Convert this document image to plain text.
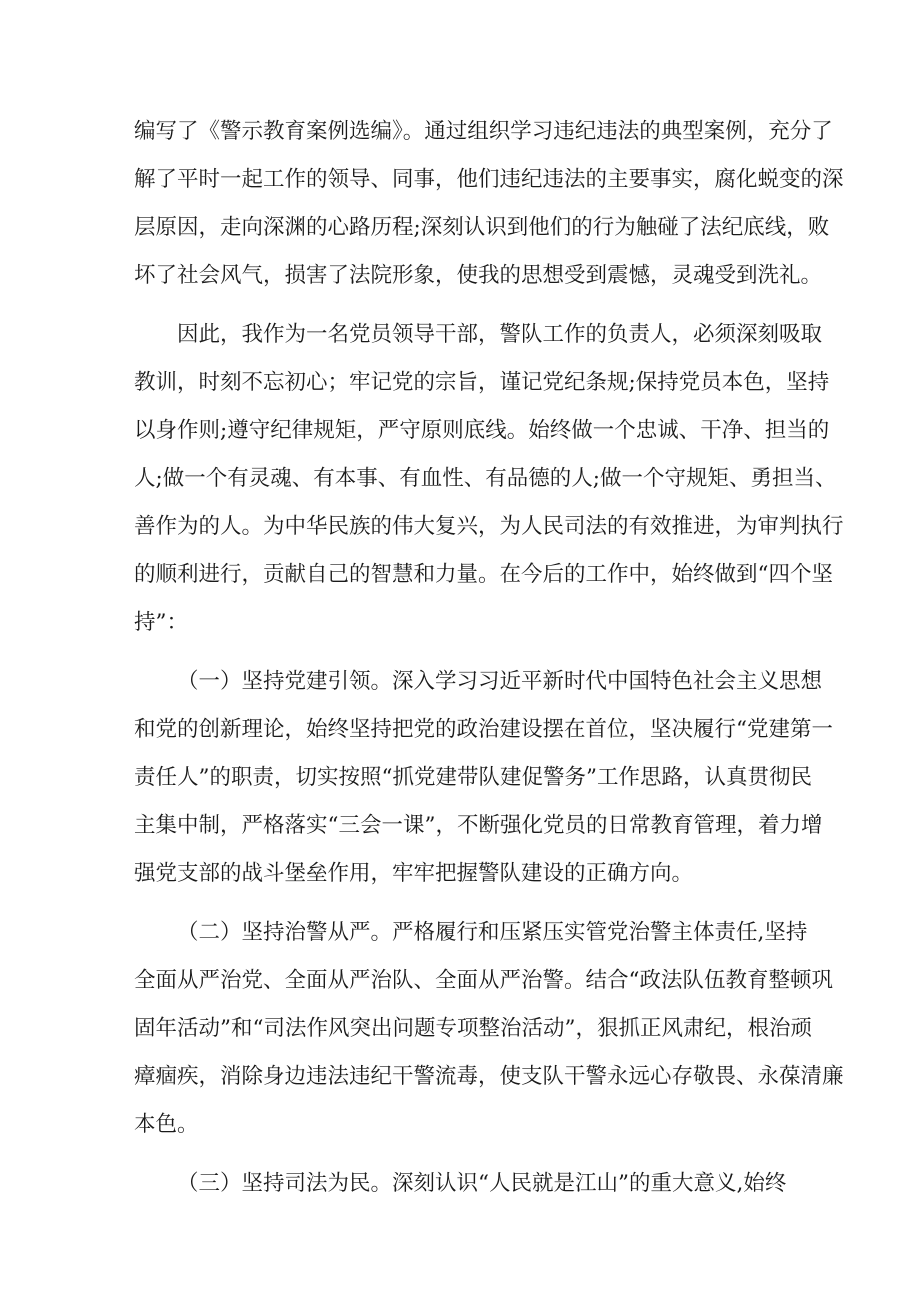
编写了《警示教育案例选编》。通过组织学习违纪违法的典型案例，充分了

解了平时一起工作的领导、同事，他们违纪违法的主要事实，腐化蜕变的深

层原因，走向深渊的心路历程;深刻认识到他们的行为触碰了法纪底线，败

坏了社会风气，损害了法院形象，使我的思想受到震憾，灵魂受到洗礼。

因此，我作为一名党员领导干部，警队工作的负责人，必须深刻吸取

教训，时刻不忘初心；牢记党的宗旨，谨记党纪条规;保持党员本色，坚持

以身作则;遵守纪律规矩，严守原则底线。始终做一个忠诚、干净、担当的

人;做一个有灵魂、有本事、有血性、有品德的人;做一个守规矩、勇担当、

善作为的人。为中华民族的伟大复兴，为人民司法的有效推进，为审判执行

的顺利进行，贡献自己的智慧和力量。在今后的工作中，始终做到“四个坚

持”：

（一）坚持党建引领。深入学习习近平新时代中国特色社会主义思想

和党的创新理论，始终坚持把党的政治建设摆在首位，坚决履行“党建第一

责任人”的职责，切实按照“抓党建带队建促警务”工作思路，认真贯彻民

主集中制，严格落实“三会一课”，不断强化党员的日常教育管理，着力增

强党支部的战斗堡垒作用，牢牢把握警队建设的正确方向。

（二）坚持治警从严。严格履行和压紧压实管党治警主体责任,坚持

全面从严治党、全面从严治队、全面从严治警。结合“政法队伍教育整顿巩

固年活动”和“司法作风突出问题专项整治活动”，狠抓正风肃纪，根治顽

瘴痼疾，消除身边违法违纪干警流毒，使支队干警永远心存敬畏、永葆清廉

本色。

（三）坚持司法为民。深刻认识“人民就是江山”的重大意义,始终
